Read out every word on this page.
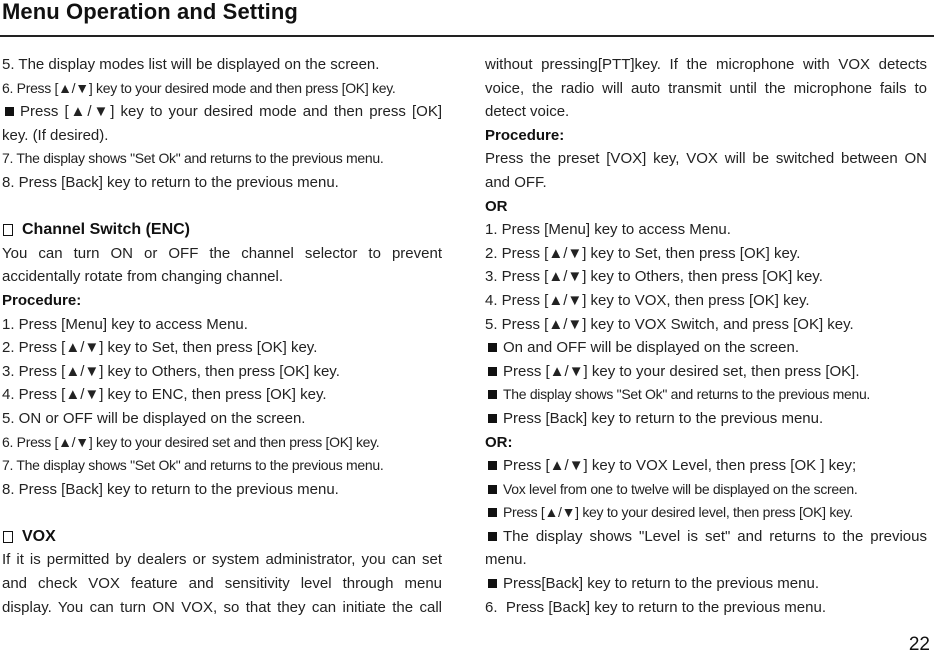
Menu Operation and Setting
5. The display modes list will be displayed on the screen.
6. Press [▲/▼] key to your desired mode and then press [OK] key.
Press [▲/▼] key to your desired mode and then press [OK]
key. (If desired).
7. The display shows "Set Ok" and returns to the previous menu.
8. Press [Back] key to return to the previous menu.
Channel Switch (ENC)
You can turn ON or OFF the channel selector to prevent
accidentally rotate from changing channel.
Procedure:
1. Press [Menu] key to access Menu.
2. Press [▲/▼] key to Set, then press [OK] key.
3. Press [▲/▼] key to Others, then press [OK] key.
4. Press [▲/▼] key to ENC, then press [OK] key.
5. ON or OFF will be displayed on the screen.
6. Press [▲/▼] key to your desired set and then press [OK] key.
7. The display shows "Set Ok" and returns to the previous menu.
8. Press [Back] key to return to the previous menu.
VOX
If it is permitted by dealers or system administrator, you can set
and check VOX feature and sensitivity level through menu
display. You can turn ON VOX, so that they can initiate the call
without pressing[PTT]key. If the microphone with VOX detects
voice, the radio will auto transmit until the microphone fails to
detect voice.
Procedure:
Press the preset [VOX] key, VOX will be switched between ON
and OFF.
OR
1. Press [Menu] key to access Menu.
2. Press [▲/▼] key to Set, then press [OK] key.
3. Press [▲/▼] key to Others, then press [OK] key.
4. Press [▲/▼] key to VOX, then press [OK] key.
5. Press [▲/▼] key to VOX Switch, and press [OK] key.
On and OFF will be displayed on the screen.
Press [▲/▼] key to your desired set, then press [OK].
The display shows "Set Ok" and returns to the previous menu.
Press [Back] key to return to the previous menu.
OR:
Press [▲/▼] key to VOX Level, then press [OK ] key;
Vox level from one to twelve will be displayed on the screen.
Press [▲/▼] key to your desired level, then press [OK] key.
The display shows "Level is set" and returns to the previous
menu.
Press[Back] key to return to the previous menu.
6.  Press [Back] key to return to the previous menu.
22
